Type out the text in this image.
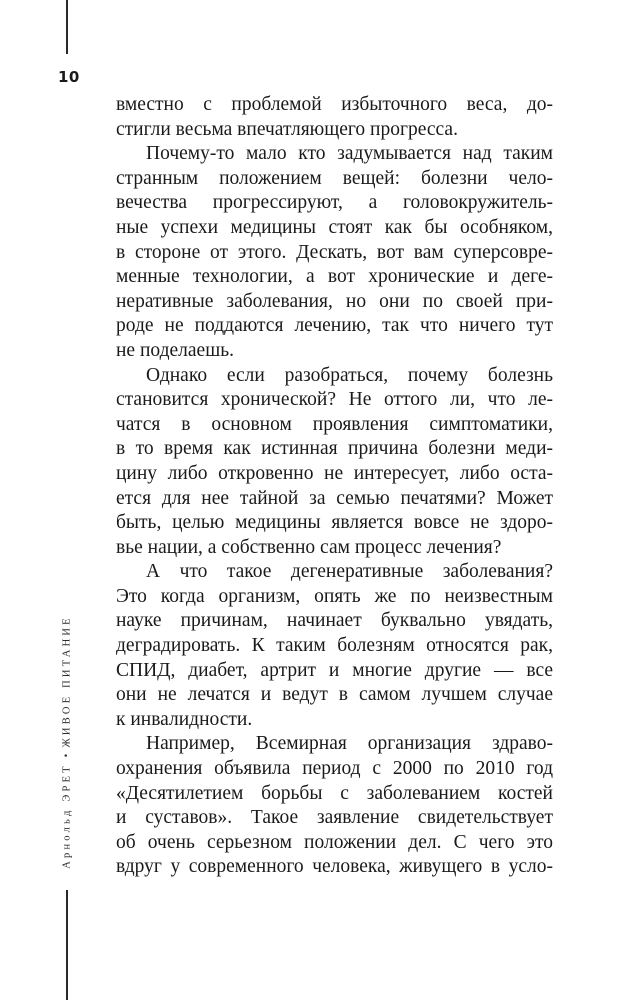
10
Арнольд ЭРЕТ•ЖИВОЕ ПИТАНИЕ
вместно с проблемой избыточного веса, до-
стигли весьма впечатляющего прогресса.
Почему-то мало кто задумывается над таким
странным положением вещей: болезни чело-
вечества прогрессируют, а головокружитель-
ные успехи медицины стоят как бы особняком,
в стороне от этого. Дескать, вот вам суперсовре-
менные технологии, а вот хронические и деге-
неративные заболевания, но они по своей при-
роде не поддаются лечению, так что ничего тут
не поделаешь.
Однако если разобраться, почему болезнь
становится хронической? Не оттого ли, что ле-
чатся в основном проявления симптоматики,
в то время как истинная причина болезни меди-
цину либо откровенно не интересует, либо оста-
ется для нее тайной за семью печатями? Может
быть, целью медицины является вовсе не здоро-
вье нации, а собственно сам процесс лечения?
А что такое дегенеративные заболевания?
Это когда организм, опять же по неизвестным
науке причинам, начинает буквально увядать,
деградировать. К таким болезням относятся рак,
СПИД, диабет, артрит и многие другие — все
они не лечатся и ведут в самом лучшем случае
к инвалидности.
Например, Всемирная организация здраво-
охранения объявила период с 2000 по 2010 год
«Десятилетием борьбы с заболеванием костей
и суставов». Такое заявление свидетельствует
об очень серьезном положении дел. С чего это
вдруг у современного человека, живущего в усло-
